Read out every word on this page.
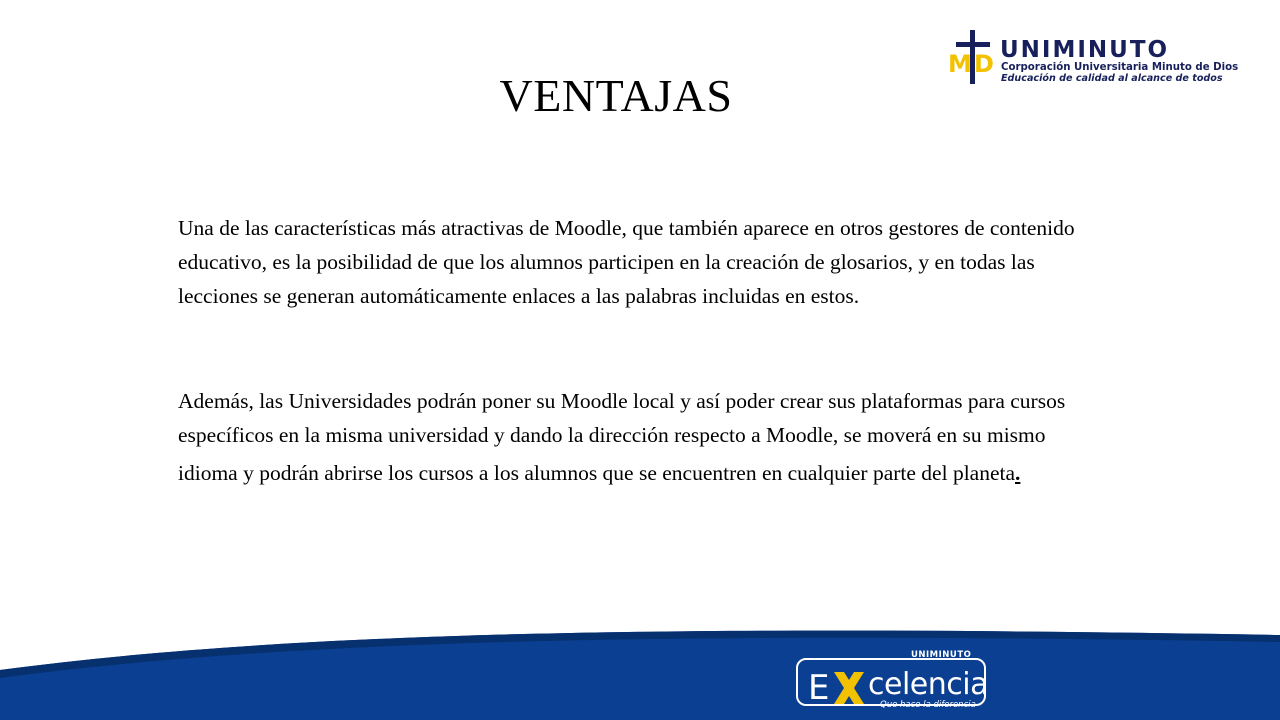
M D UNIMINUTO
Corporación Universitaria Minuto de Dios
Educación de calidad al alcance de todos
VENTAJAS
Una de las características más atractivas de Moodle, que también aparece en otros gestores de contenido educativo, es la posibilidad de que los alumnos participen en la creación de glosarios, y en todas las lecciones se generan automáticamente enlaces a las palabras incluidas en estos.
Además, las Universidades podrán poner su Moodle local y así poder crear sus plataformas para cursos específicos en la misma universidad y dando la dirección respecto a Moodle, se moverá en su mismo idioma y podrán abrirse los cursos a los alumnos que se encuentren en cualquier parte del planeta.
UNIMINUTO
E celencia
Que hace la diferencia
